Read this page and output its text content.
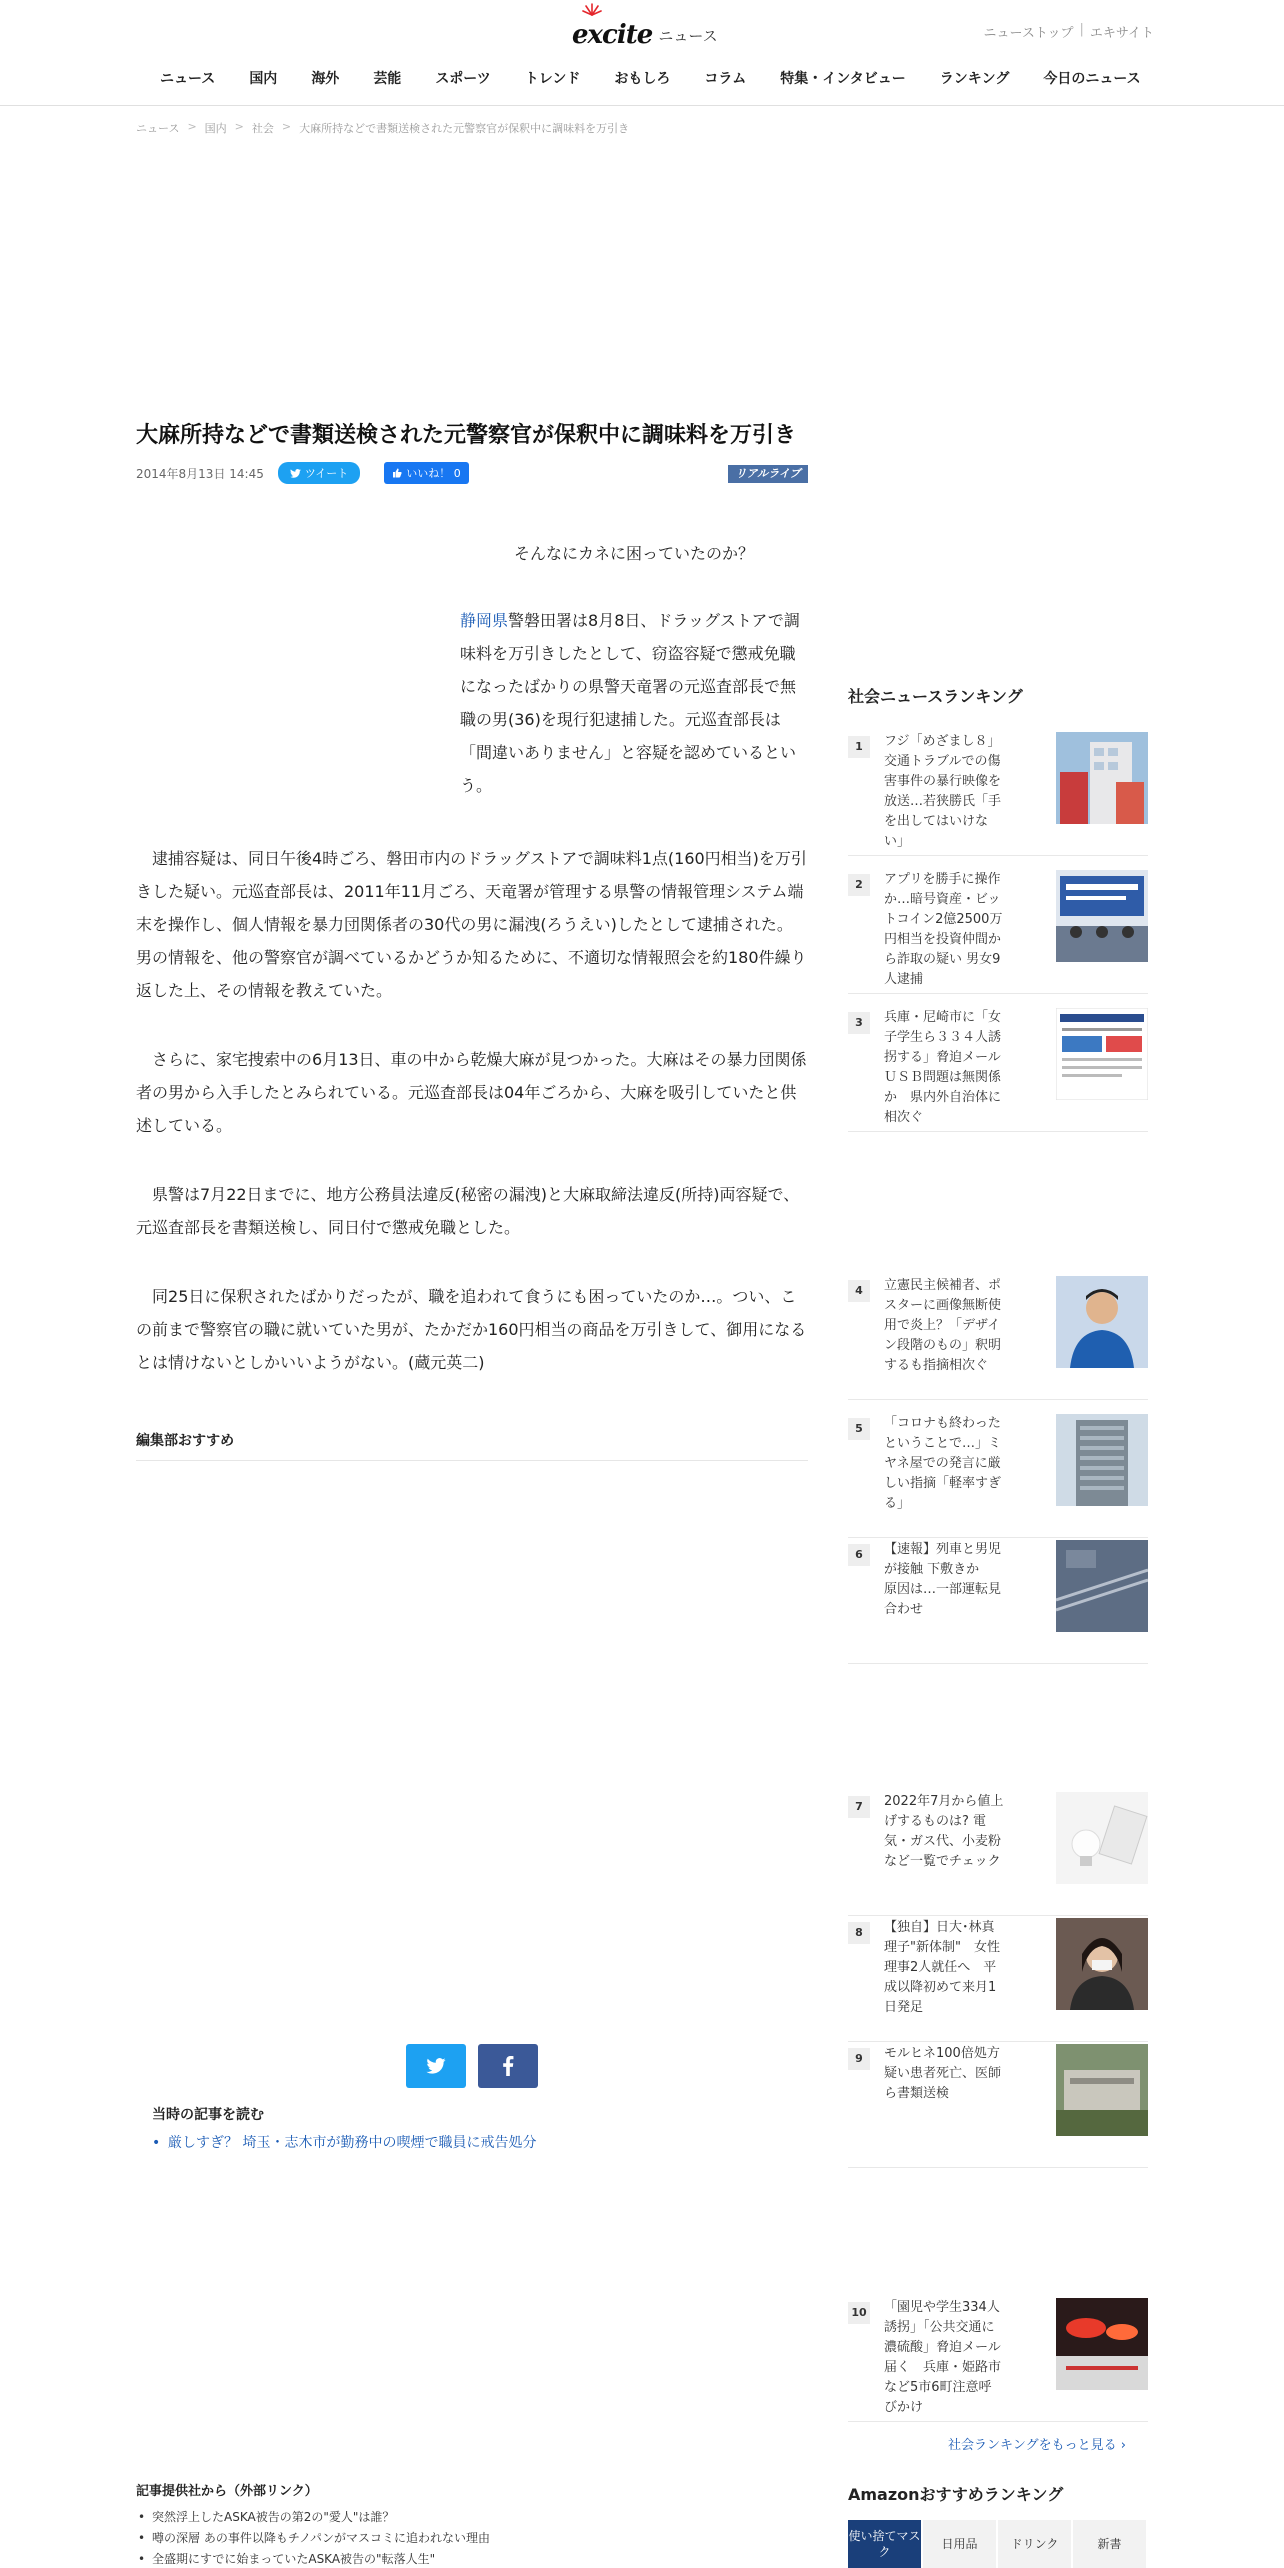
excite ニュース	ニューストップ | エキサイト
ニュース 国内 海外 芸能 スポーツ トレンド おもしろ コラム 特集・インタビュー ランキング 今日のニュース
ニュース > 国内 > 社会 > 大麻所持などで書類送検された元警察官が保釈中に調味料を万引き
大麻所持などで書類送検された元警察官が保釈中に調味料を万引き
2014年8月13日 14:45	ツイート	いいね！ 0	リアルライブ

そんなにカネに困っていたのか？

静岡県警磐田署は8月8日、ドラッグストアで調味料を万引きしたとして、窃盗容疑で懲戒免職になったばかりの県警天竜署の元巡査部長で無職の男(36)を現行犯逮捕した。元巡査部長は「間違いありません」と容疑を認めているという。

　逮捕容疑は、同日午後4時ごろ、磐田市内のドラッグストアで調味料1点(160円相当)を万引きした疑い。元巡査部長は、2011年11月ごろ、天竜署が管理する県警の情報管理システム端末を操作し、個人情報を暴力団関係者の30代の男に漏洩(ろうえい)したとして逮捕された。男の情報を、他の警察官が調べているかどうか知るために、不適切な情報照会を約180件繰り返した上、その情報を教えていた。

　さらに、家宅捜索中の6月13日、車の中から乾燥大麻が見つかった。大麻はその暴力団関係者の男から入手したとみられている。元巡査部長は04年ごろから、大麻を吸引していたと供述している。

　県警は7月22日までに、地方公務員法違反(秘密の漏洩)と大麻取締法違反(所持)両容疑で、元巡査部長を書類送検し、同日付で懲戒免職とした。

　同25日に保釈されたばかりだったが、職を追われて食うにも困っていたのか…。つい、この前まで警察官の職に就いていた男が、たかだか160円相当の商品を万引きして、御用になるとは情けないとしかいいようがない。(蔵元英二)

編集部おすすめ
当時の記事を読む
• 厳しすぎ？ 埼玉・志木市が勤務中の喫煙で職員に戒告処分
記事提供社から（外部リンク）
• 突然浮上したASKA被告の第2の"愛人"は誰？
• 噂の深層 あの事件以降もチノパンがマスコミに追われない理由
• 全盛期にすでに始まっていたASKA被告の"転落人生"
社会ニュースランキング
1	フジ「めざまし８」交通トラブルでの傷害事件の暴行映像を放送…若狭勝氏「手を出してはいけない」
2	アプリを勝手に操作か…暗号資産・ビットコイン2億2500万円相当を投資仲間から詐取の疑い 男女9人逮捕
3	兵庫・尼崎市に「女子学生ら３３４人誘拐する」脅迫メール　ＵＳＢ問題は無関係か　県内外自治体に相次ぐ
4	立憲民主候補者、ポスターに画像無断使用で炎上？「デザイン段階のもの」釈明するも指摘相次ぐ
5	「コロナも終わったということで…」ミヤネ屋での発言に厳しい指摘「軽率すぎる」
6	【速報】列車と男児が接触 下敷きか　原因は…一部運転見合わせ
7	2022年7月から値上げするものは? 電気・ガス代、小麦粉など一覧でチェック
8	【独自】日大･林真理子"新体制"　女性理事2人就任へ　平成以降初めて来月1日発足
9	モルヒネ100倍処方疑い患者死亡、医師ら書類送検
10 「園児や学生334人誘拐」「公共交通に濃硫酸」脅迫メール届く　兵庫・姫路市など5市6町注意呼びかけ
社会ランキングをもっと見る ›
Amazonおすすめランキング
使い捨てマスク
日用品	ドリンク	新書
